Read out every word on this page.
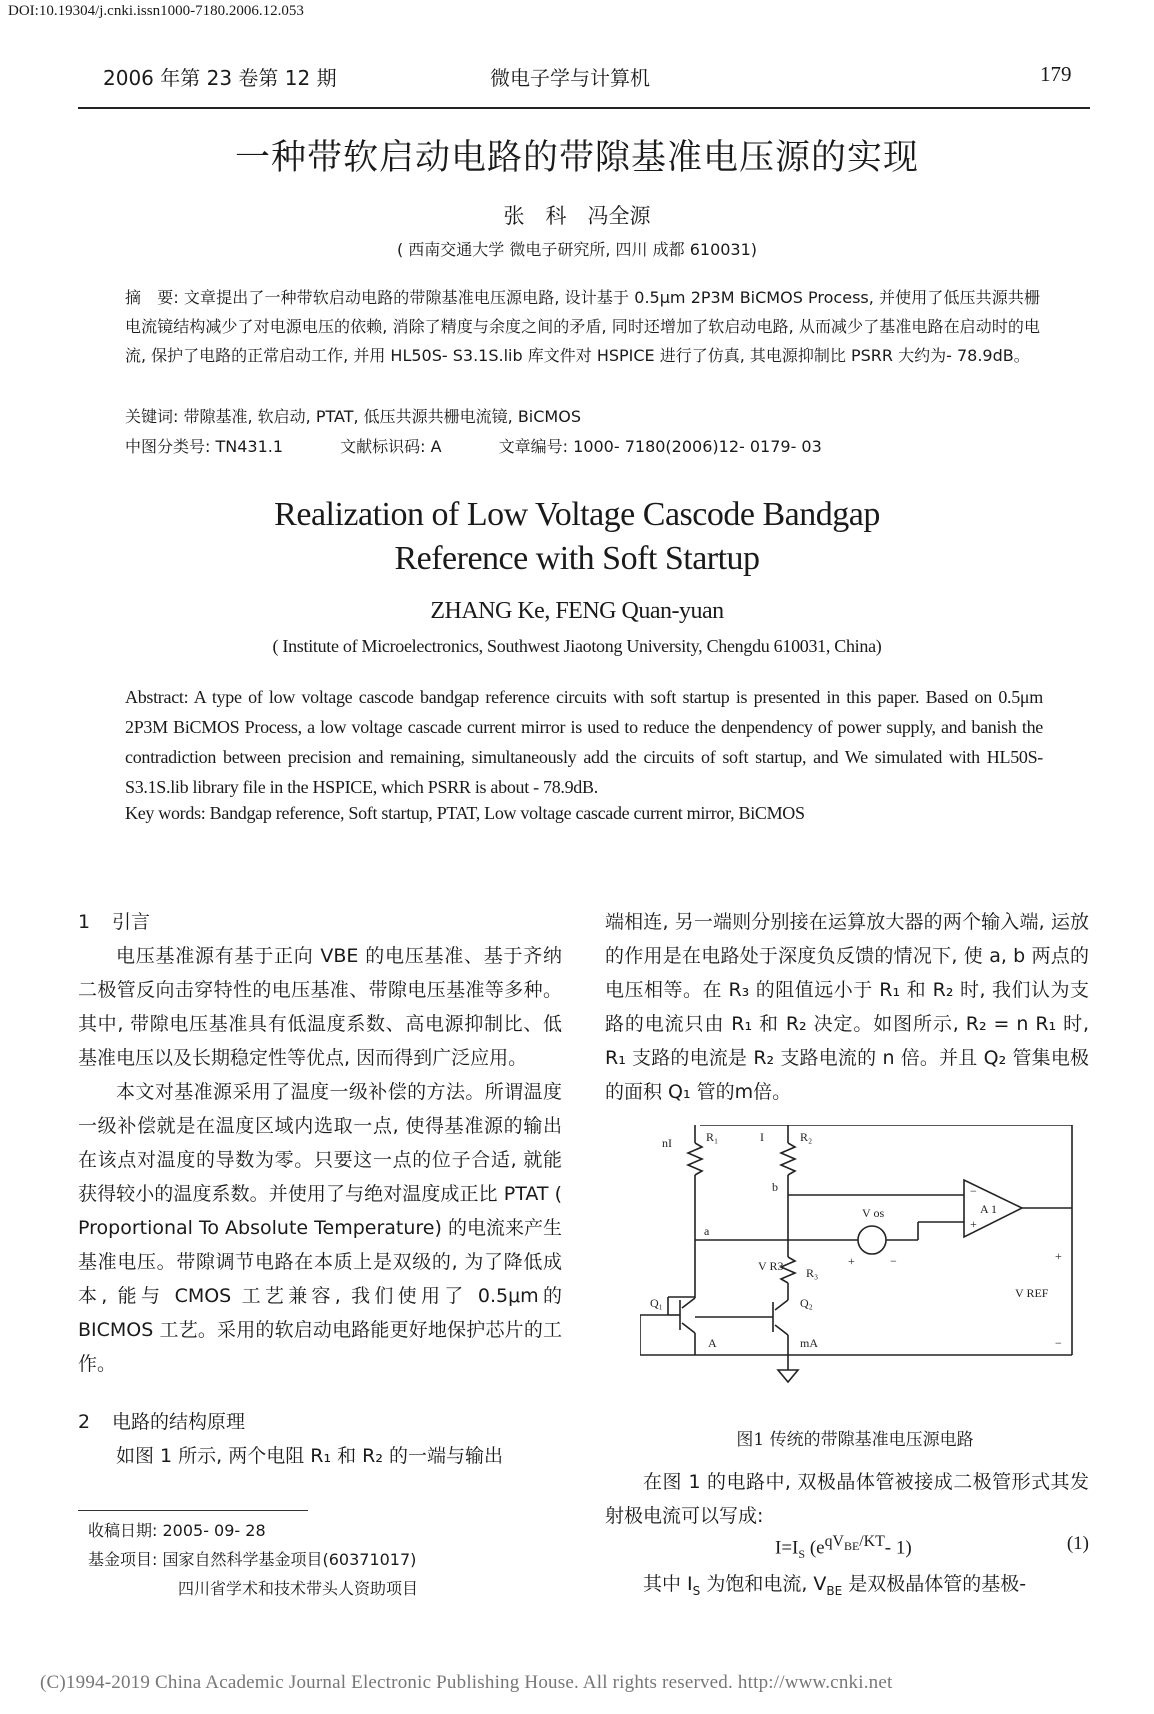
DOI:10.19304/j.cnki.issn1000-7180.2006.12.053
2006 年第 23 卷第 12 期	微电子学与计算机	179
一种带软启动电路的带隙基准电压源的实现
张　科　冯全源
( 西南交通大学 微电子研究所, 四川 成都 610031)
摘　要: 文章提出了一种带软启动电路的带隙基准电压源电路, 设计基于 0.5μm 2P3M BiCMOS Process, 并使用了低压共源共栅电流镜结构减少了对电源电压的依赖, 消除了精度与余度之间的矛盾, 同时还增加了软启动电路, 从而减少了基准电路在启动时的电流, 保护了电路的正常启动工作, 并用 HL50S- S3.1S.lib 库文件对 HSPICE 进行了仿真, 其电源抑制比 PSRR 大约为- 78.9dB。
关键词: 带隙基准, 软启动, PTAT, 低压共源共栅电流镜, BiCMOS
中图分类号: TN431.1	文献标识码: A	文章编号: 1000- 7180(2006)12- 0179- 03
Realization of Low Voltage Cascode Bandgap Reference with Soft Startup
ZHANG Ke, FENG Quan-yuan
( Institute of Microelectronics, Southwest Jiaotong University, Chengdu 610031, China)
Abstract: A type of low voltage cascode bandgap reference circuits with soft startup is presented in this paper. Based on 0.5μm 2P3M BiCMOS Process, a low voltage cascade current mirror is used to reduce the denpendency of power supply, and banish the contradiction between precision and remaining, simultaneously add the circuits of soft startup, and We simulated with HL50S- S3.1S.lib library file in the HSPICE, which PSRR is about - 78.9dB.
Key words: Bandgap reference, Soft startup, PTAT, Low voltage cascade current mirror, BiCMOS

1 引言

电压基准源有基于正向 VBE 的电压基准、基于齐纳二极管反向击穿特性的电压基准、带隙电压基准等多种。其中, 带隙电压基准具有低温度系数、高电源抑制比、低基准电压以及长期稳定性等优点, 因而得到广泛应用。

本文对基准源采用了温度一级补偿的方法。所谓温度一级补偿就是在温度区域内选取一点, 使得基准源的输出在该点对温度的导数为零。只要这一点的位子合适, 就能获得较小的温度系数。并使用了与绝对温度成正比 PTAT ( Proportional To Absolute Temperature) 的电流来产生基准电压。带隙调节电路在本质上是双级的, 为了降低成本, 能与 CMOS 工艺兼容, 我们使用了 0.5μm的 BICMOS 工艺。采用的软启动电路能更好地保护芯片的工作。

2 电路的结构原理

如图 1 所示, 两个电阻 R₁ 和 R₂ 的一端与输出

收稿日期: 2005- 09- 28
基金项目: 国家自然科学基金项目(60371017)
四川省学术和技术带头人资助项目

端相连, 另一端则分别接在运算放大器的两个输入端, 运放的作用是在电路处于深度负反馈的情况下, 使 a, b 两点的电压相等。在 R₃ 的阻值远小于 R₁ 和 R₂ 时, 我们认为支路的电流只由 R₁ 和 R₂ 决定。如图所示, R₂ = n R₁ 时, R₁ 支路的电流是 R₂ 支路电流的 n 倍。并且 Q₂ 管集电极的面积 Q₁ 管的m倍。

nI	R₁	I	R₂
b
a
V os	A 1
−
+
+	−
V R3 R₃
Q₁	Q₂
A	mA
V REF
+
−
图1 传统的带隙基准电压源电路

在图 1 的电路中, 双极晶体管被接成二极管形式其发射极电流可以写成:

$I=I_S$ ($e^{qV_{BE}/KT}-$ 1)	(1)

其中 $I_S$ 为饱和电流, $V_{BE}$ 是双极晶体管的基极-

(C)1994-2019 China Academic Journal Electronic Publishing House. All rights reserved. http://www.cnki.net
